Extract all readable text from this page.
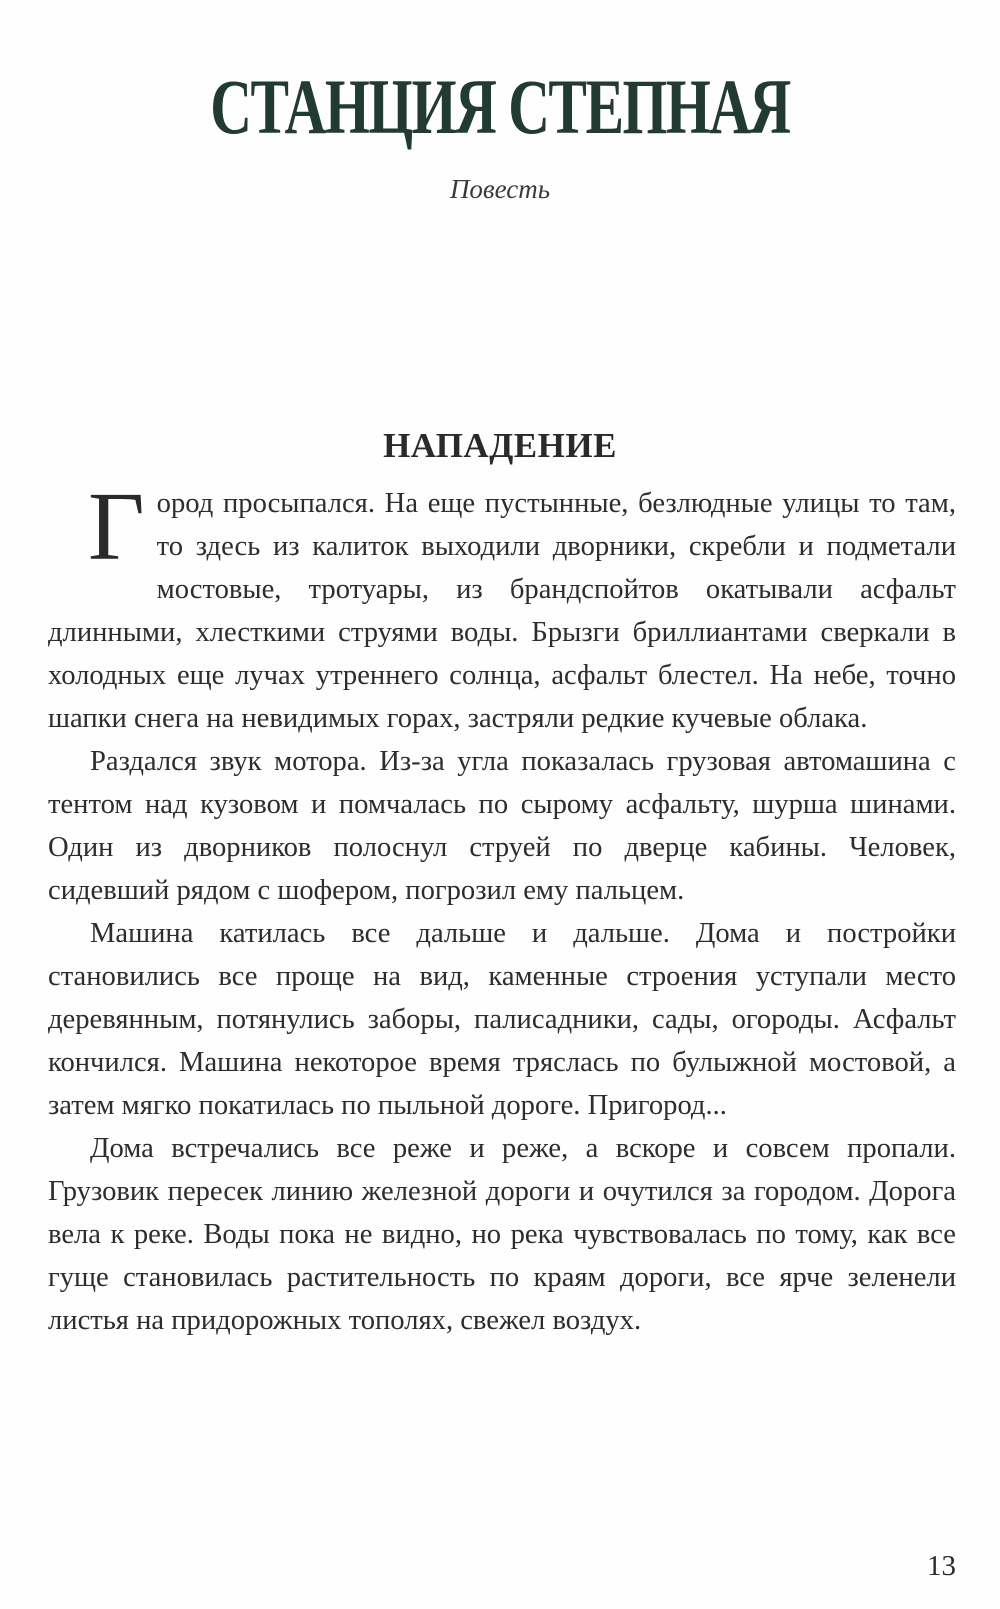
СТАНЦИЯ СТЕПНАЯ
Повесть
НАПАДЕНИЕ

Город просыпался. На еще пустынные, безлюдные улицы то там, то здесь из калиток выходили дворники, скребли и подметали мостовые, тротуары, из брандспойтов окатывали асфальт длинными, хлесткими струями воды. Брызги бриллиантами сверкали в холодных еще лучах утреннего солнца, асфальт блестел. На небе, точно шапки снега на невидимых горах, застряли редкие кучевые облака.

Раздался звук мотора. Из-за угла показалась грузовая автомашина с тентом над кузовом и помчалась по сырому асфальту, шурша шинами. Один из дворников полоснул струей по дверце кабины. Человек, сидевший рядом с шофером, погрозил ему пальцем.

Машина катилась все дальше и дальше. Дома и постройки становились все проще на вид, каменные строения уступали место деревянным, потянулись заборы, палисадники, сады, огороды. Асфальт кончился. Машина некоторое время тряслась по булыжной мостовой, а затем мягко покатилась по пыльной дороге. Пригород...

Дома встречались все реже и реже, а вскоре и совсем пропали. Грузовик пересек линию железной дороги и очутился за городом. Дорога вела к реке. Воды пока не видно, но река чувствовалась по тому, как все гуще становилась растительность по краям дороги, все ярче зеленели листья на придорожных тополях, свежел воздух.

13
